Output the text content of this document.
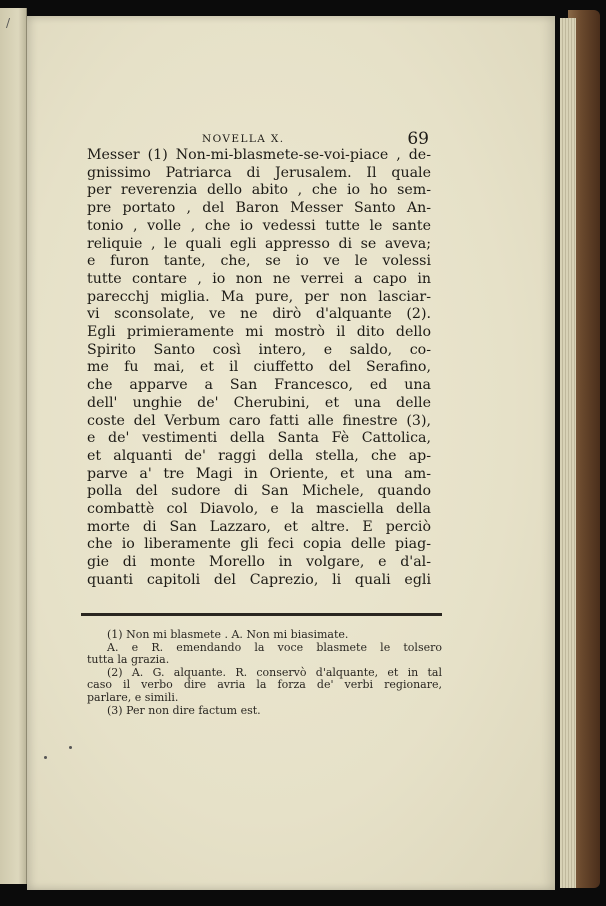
/
NOVELLA X.	69
Messer (1) Non-mi-blasmete-se-voi-piace , de-
gnissimo Patriarca di Jerusalem. Il quale
per reverenzia dello abito , che io ho sem-
pre portato , del Baron Messer Santo An-
tonio , volle , che io vedessi tutte le sante
reliquie , le quali egli appresso di se aveva;
e furon tante, che, se io ve le volessi
tutte contare , io non ne verrei a capo in
parecchj miglia. Ma pure, per non lasciar-
vi sconsolate, ve ne dirò d'alquante (2).
Egli primieramente mi mostrò il dito dello
Spirito Santo così intero, e saldo, co-
me fu mai, et il ciuffetto del Serafino,
che apparve a San Francesco, ed una
dell' unghie de' Cherubini, et una delle
coste del Verbum caro fatti alle finestre (3),
e de' vestimenti della Santa Fè Cattolica,
et alquanti de' raggi della stella, che ap-
parve a' tre Magi in Oriente, et una am-
polla del sudore di San Michele, quando
combattè col Diavolo, e la masciella della
morte di San Lazzaro, et altre. E perciò
che io liberamente gli feci copia delle piag-
gie di monte Morello in volgare, e d'al-
quanti capitoli del Caprezio, li quali egli
(1) Non mi blasmete . A. Non mi biasimate.
A. e R. emendando la voce blasmete le tolsero
tutta la grazia.
(2) A. G. alquante. R. conservò d'alquante, et in tal
caso il verbo dire avria la forza de' verbi regionare,
parlare, e simili.
(3) Per non dire factum est.
